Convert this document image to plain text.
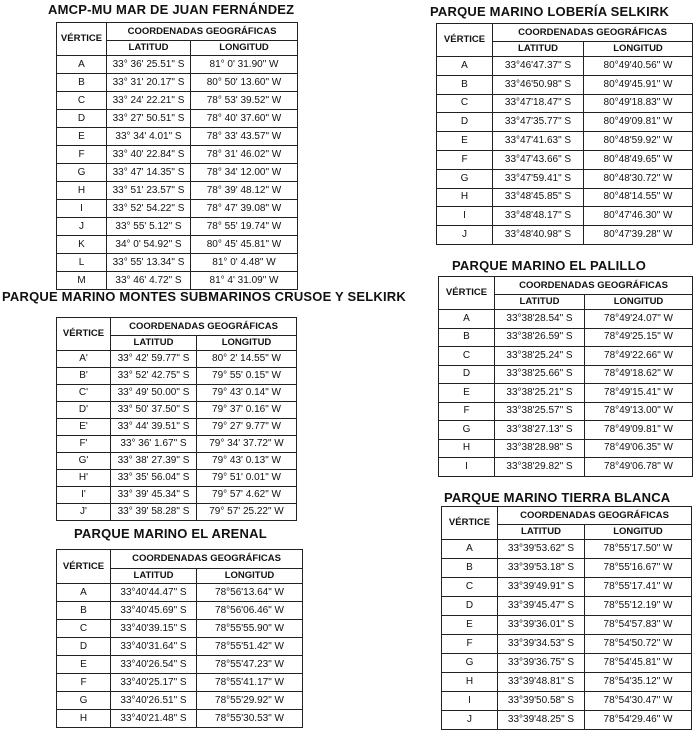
AMCP-MU MAR DE JUAN FERNÁNDEZ
VÉRTICE	COORDENADAS GEOGRÁFICAS	
	LATITUD	LONGITUD
A	33° 36' 25.51" S	81° 0' 31.90" W
B	33° 31' 20.17" S	80° 50' 13.60" W
C	33° 24' 22.21" S	78° 53' 39.52" W
D	33° 27' 50.51" S	78° 40' 37.60" W
E	33° 34' 4.01" S	78° 33' 43.57" W
F	33° 40' 22.84" S	78° 31' 46.02" W
G	33° 47' 14.35" S	78° 34' 12.00" W
H	33° 51' 23.57" S	78° 39' 48.12" W
I	33° 52' 54.22" S	78° 47' 39.08" W
J	33° 55' 5.12" S	78° 55' 19.74" W
K	34° 0' 54.92" S	80° 45' 45.81" W
L	33° 55' 13.34" S	81° 0' 4.48" W
M	33° 46' 4.72" S	81° 4' 31.09" W
PARQUE MARINO MONTES SUBMARINOS CRUSOE Y SELKIRK
VÉRTICE	COORDENADAS GEOGRÁFICAS	
	LATITUD	LONGITUD
A'	33° 42' 59.77" S	80° 2' 14.55" W
B'	33° 52' 42.75" S	79° 55' 0.15" W
C'	33° 49' 50.00" S	79° 43' 0.14" W
D'	33° 50' 37.50" S	79° 37' 0.16" W
E'	33° 44' 39.51" S	79° 27' 9.77" W
F'	33° 36' 1.67" S	79° 34' 37.72" W
G'	33° 38' 27.39" S	79° 43' 0.13" W
H'	33° 35' 56.04" S	79° 51' 0.01" W
I'	33° 39' 45.34" S	79° 57' 4.62" W
J'	33° 39' 58.28" S	79° 57' 25.22" W
PARQUE MARINO EL ARENAL
VÉRTICE	COORDENADAS GEOGRÁFICAS	
	LATITUD	LONGITUD
A	33°40'44.47" S	78°56'13.64" W
B	33°40'45.69" S	78°56'06.46" W
C	33°40'39.15" S	78°55'55.90" W
D	33°40'31.64" S	78°55'51.42" W
E	33°40'26.54" S	78°55'47.23" W
F	33°40'25.17" S	78°55'41.17" W
G	33°40'26.51" S	78°55'29.92" W
H	33°40'21.48" S	78°55'30.53" W
PARQUE MARINO LOBERÍA SELKIRK
VÉRTICE	COORDENADAS GEOGRÁFICAS	
	LATITUD	LONGITUD
A	33°46'47.37" S	80°49'40.56" W
B	33°46'50.98" S	80°49'45.91" W
C	33°47'18.47" S	80°49'18.83" W
D	33°47'35.77" S	80°49'09.81" W
E	33°47'41.63" S	80°48'59.92" W
F	33°47'43.66" S	80°48'49.65" W
G	33°47'59.41" S	80°48'30.72" W
H	33°48'45.85" S	80°48'14.55" W
I	33°48'48.17" S	80°47'46.30" W
J	33°48'40.98" S	80°47'39.28" W
PARQUE MARINO EL PALILLO
VÉRTICE	COORDENADAS GEOGRÁFICAS	
	LATITUD	LONGITUD
A	33°38'28.54" S	78°49'24.07" W
B	33°38'26.59" S	78°49'25.15" W
C	33°38'25.24" S	78°49'22.66" W
D	33°38'25.66" S	78°49'18.62" W
E	33°38'25.21" S	78°49'15.41" W
F	33°38'25.57" S	78°49'13.00" W
G	33°38'27.13" S	78°49'09.81" W
H	33°38'28.98" S	78°49'06.35" W
I	33°38'29.82" S	78°49'06.78" W
PARQUE MARINO TIERRA BLANCA
VÉRTICE	COORDENADAS GEOGRÁFICAS	
	LATITUD	LONGITUD
A	33°39'53.62" S	78°55'17.50" W
B	33°39'53.18" S	78°55'16.67" W
C	33°39'49.91" S	78°55'17.41" W
D	33°39'45.47" S	78°55'12.19" W
E	33°39'36.01" S	78°54'57.83" W
F	33°39'34.53" S	78°54'50.72" W
G	33°39'36.75" S	78°54'45.81" W
H	33°39'48.81" S	78°54'35.12" W
I	33°39'50.58" S	78°54'30.47" W
J	33°39'48.25" S	78°54'29.46" W
